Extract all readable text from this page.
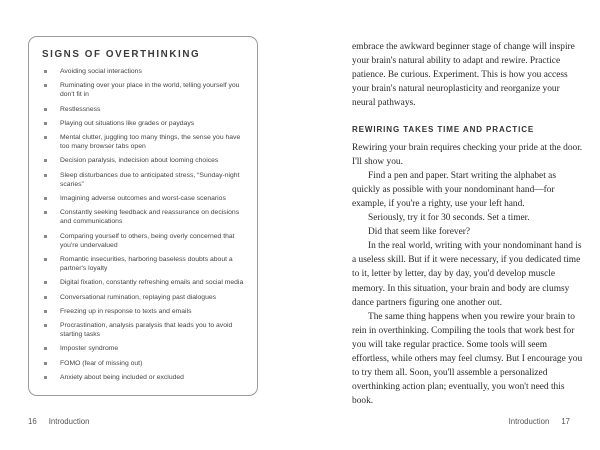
SIGNS OF OVERTHINKING
Avoiding social interactions
Ruminating over your place in the world, telling yourself you don't fit in
Restlessness
Playing out situations like grades or paydays
Mental clutter, juggling too many things, the sense you have too many browser tabs open
Decision paralysis, indecision about looming choices
Sleep disturbances due to anticipated stress, “Sunday-night scaries”
Imagining adverse outcomes and worst-case scenarios
Constantly seeking feedback and reassurance on decisions and communications
Comparing yourself to others, being overly concerned that you're undervalued
Romantic insecurities, harboring baseless doubts about a partner's loyalty
Digital fixation, constantly refreshing emails and social media
Conversational rumination, replaying past dialogues
Freezing up in response to texts and emails
Procrastination, analysis paralysis that leads you to avoid starting tasks
Imposter syndrome
FOMO (fear of missing out)
Anxiety about being included or excluded

embrace the awkward beginner stage of change will inspire your brain's natural ability to adapt and rewire. Practice patience. Be curious. Experiment. This is how you access your brain's natural neuroplasticity and reorganize your neural pathways.

REWIRING TAKES TIME AND PRACTICE

Rewiring your brain requires checking your pride at the door. I'll show you.

Find a pen and paper. Start writing the alphabet as quickly as possible with your nondominant hand—for example, if you're a righty, use your left hand.

Seriously, try it for 30 seconds. Set a timer.

Did that seem like forever?

In the real world, writing with your nondominant hand is a useless skill. But if it were necessary, if you dedicated time to it, letter by letter, day by day, you'd develop muscle memory. In this situation, your brain and body are clumsy dance partners figuring one another out.

The same thing happens when you rewire your brain to rein in overthinking. Compiling the tools that work best for you will take regular practice. Some tools will seem effortless, while others may feel clumsy. But I encourage you to try them all. Soon, you'll assemble a personalized overthinking action plan; eventually, you won't need this book.

16 Introduction	Introduction 17
